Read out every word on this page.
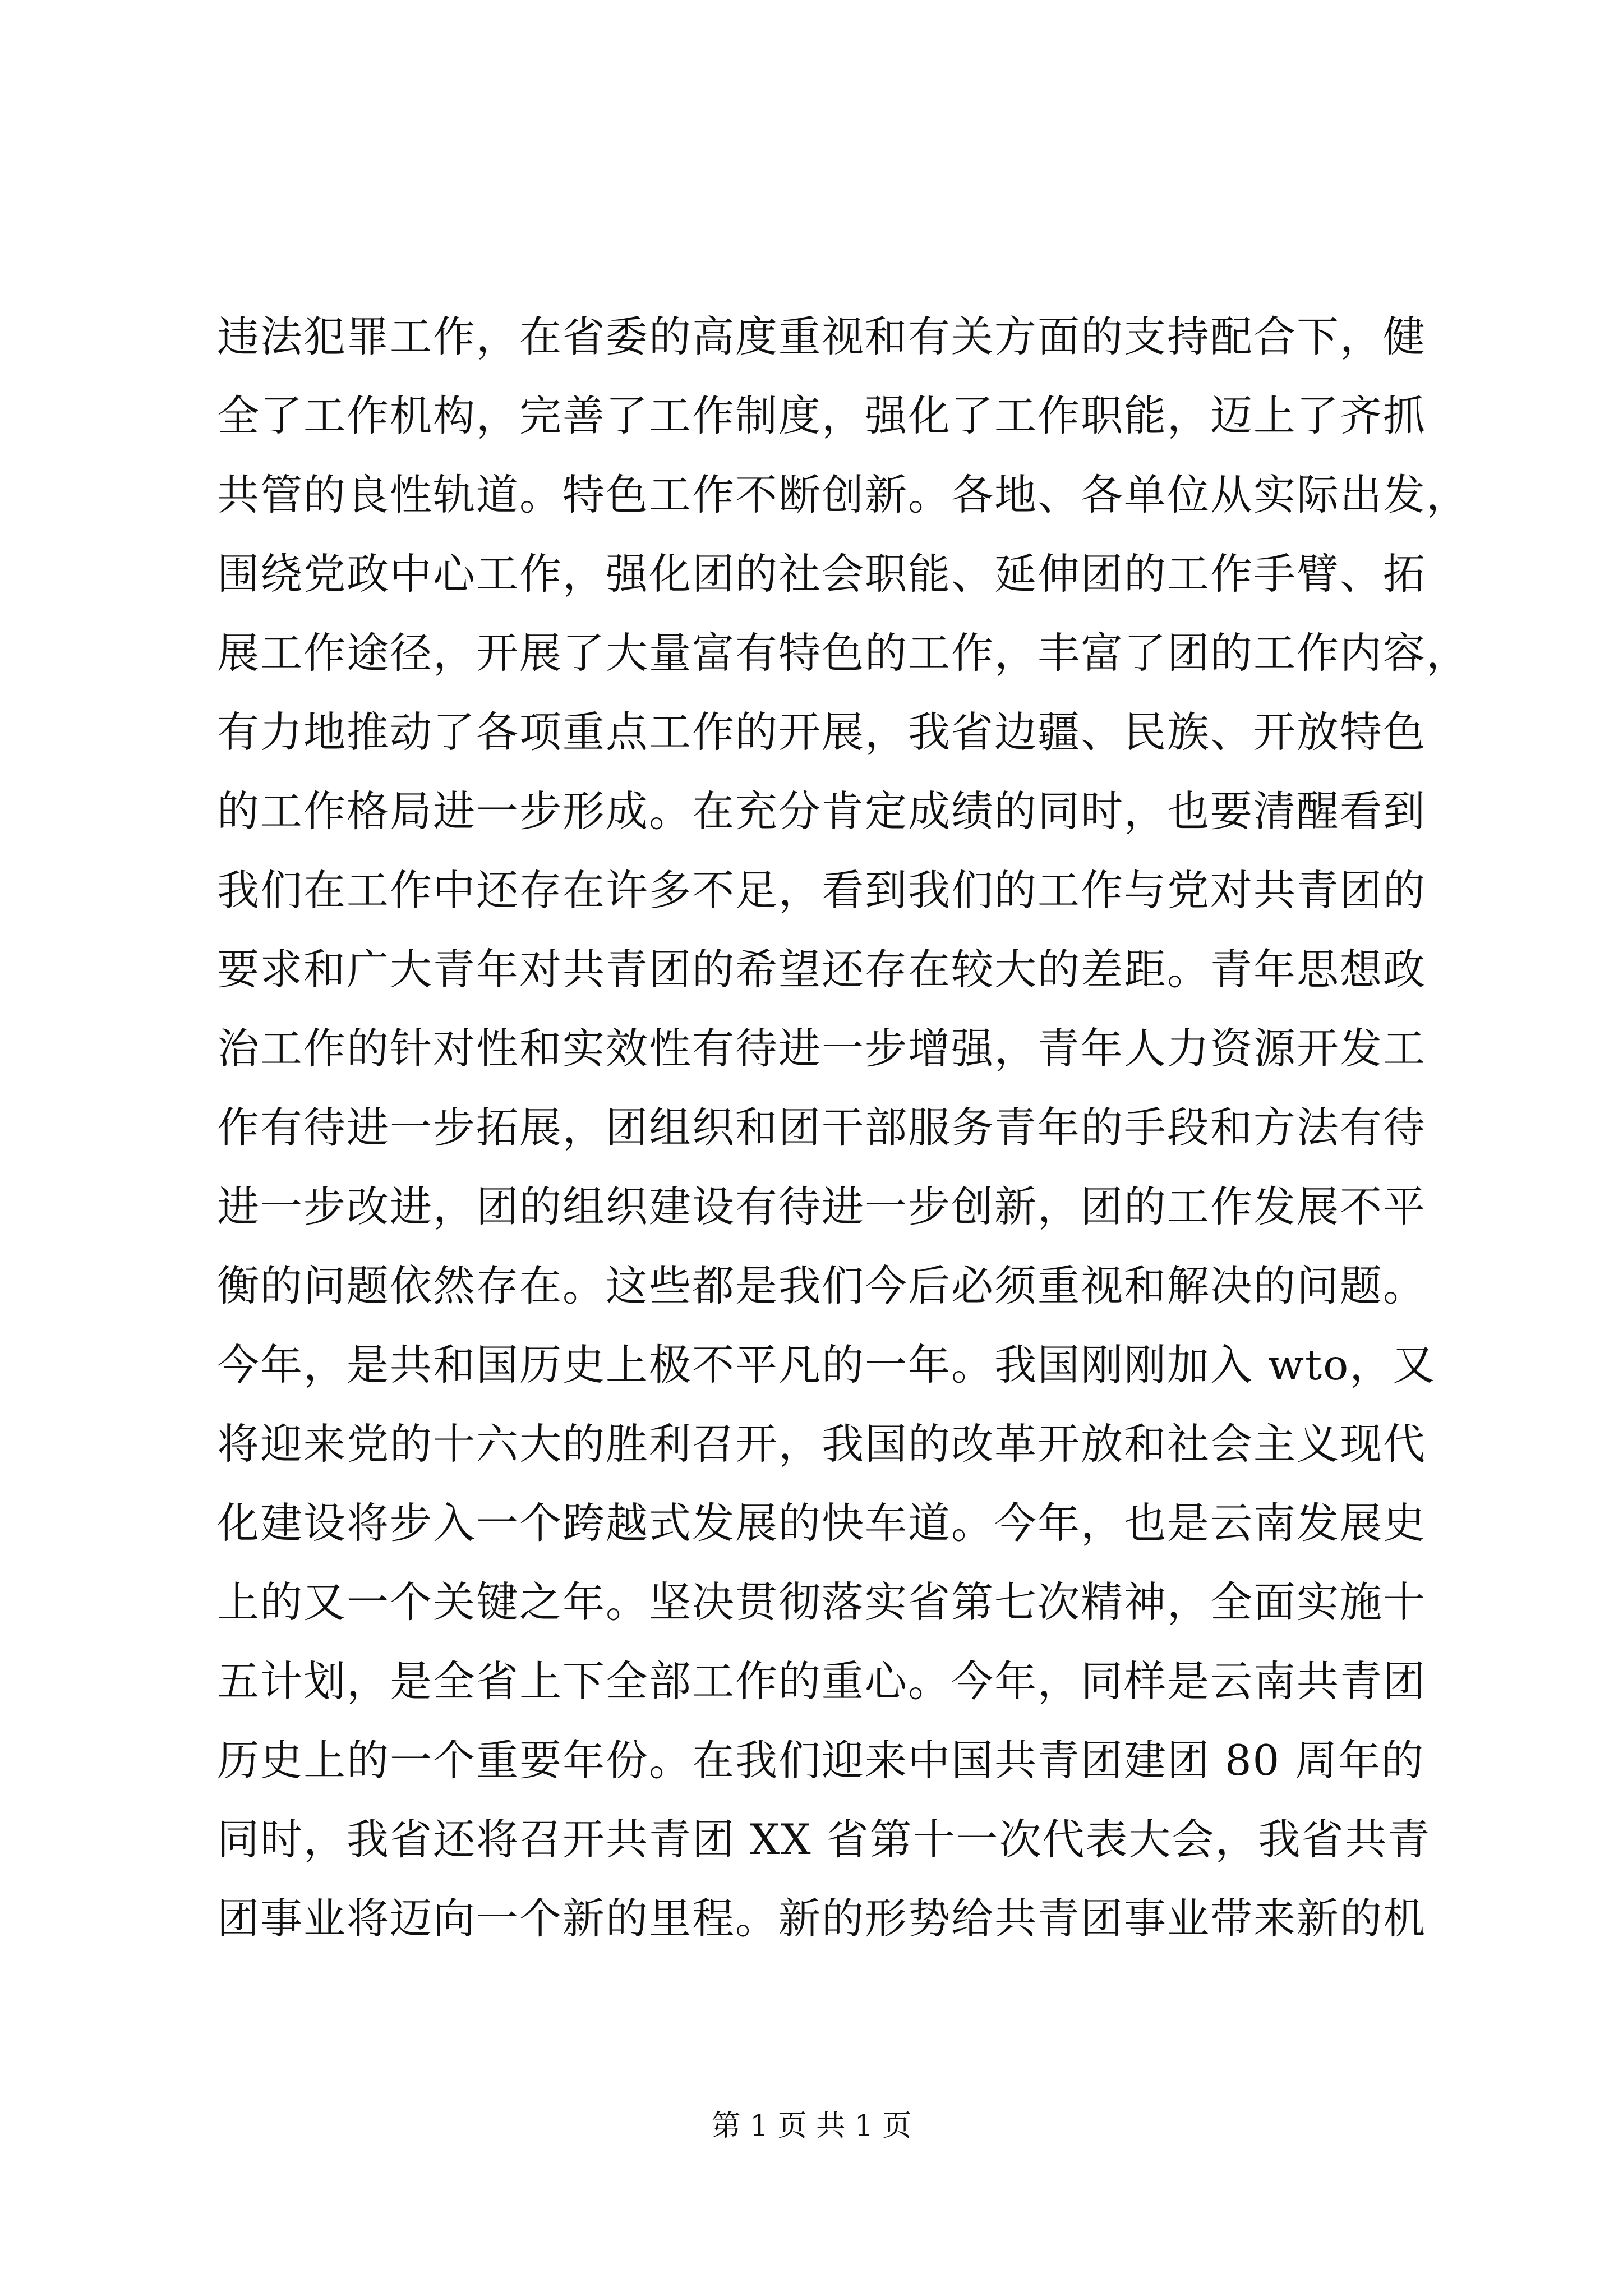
违法犯罪工作，在省委的高度重视和有关方面的支持配合下，健
全了工作机构，完善了工作制度，强化了工作职能，迈上了齐抓
共管的良性轨道。特色工作不断创新。各地、各单位从实际出发，
围绕党政中心工作，强化团的社会职能、延伸团的工作手臂、拓
展工作途径，开展了大量富有特色的工作，丰富了团的工作内容，
有力地推动了各项重点工作的开展，我省边疆、民族、开放特色
的工作格局进一步形成。在充分肯定成绩的同时，也要清醒看到
我们在工作中还存在许多不足，看到我们的工作与党对共青团的
要求和广大青年对共青团的希望还存在较大的差距。青年思想政
治工作的针对性和实效性有待进一步增强，青年人力资源开发工
作有待进一步拓展，团组织和团干部服务青年的手段和方法有待
进一步改进，团的组织建设有待进一步创新，团的工作发展不平
衡的问题依然存在。这些都是我们今后必须重视和解决的问题。
今年，是共和国历史上极不平凡的一年。我国刚刚加入 wto，又
将迎来党的十六大的胜利召开，我国的改革开放和社会主义现代
化建设将步入一个跨越式发展的快车道。今年，也是云南发展史
上的又一个关键之年。坚决贯彻落实省第七次精神，全面实施十
五计划，是全省上下全部工作的重心。今年，同样是云南共青团
历史上的一个重要年份。在我们迎来中国共青团建团 80 周年的
同时，我省还将召开共青团 XX 省第十一次代表大会，我省共青
团事业将迈向一个新的里程。新的形势给共青团事业带来新的机
第 1 页 共 1 页
